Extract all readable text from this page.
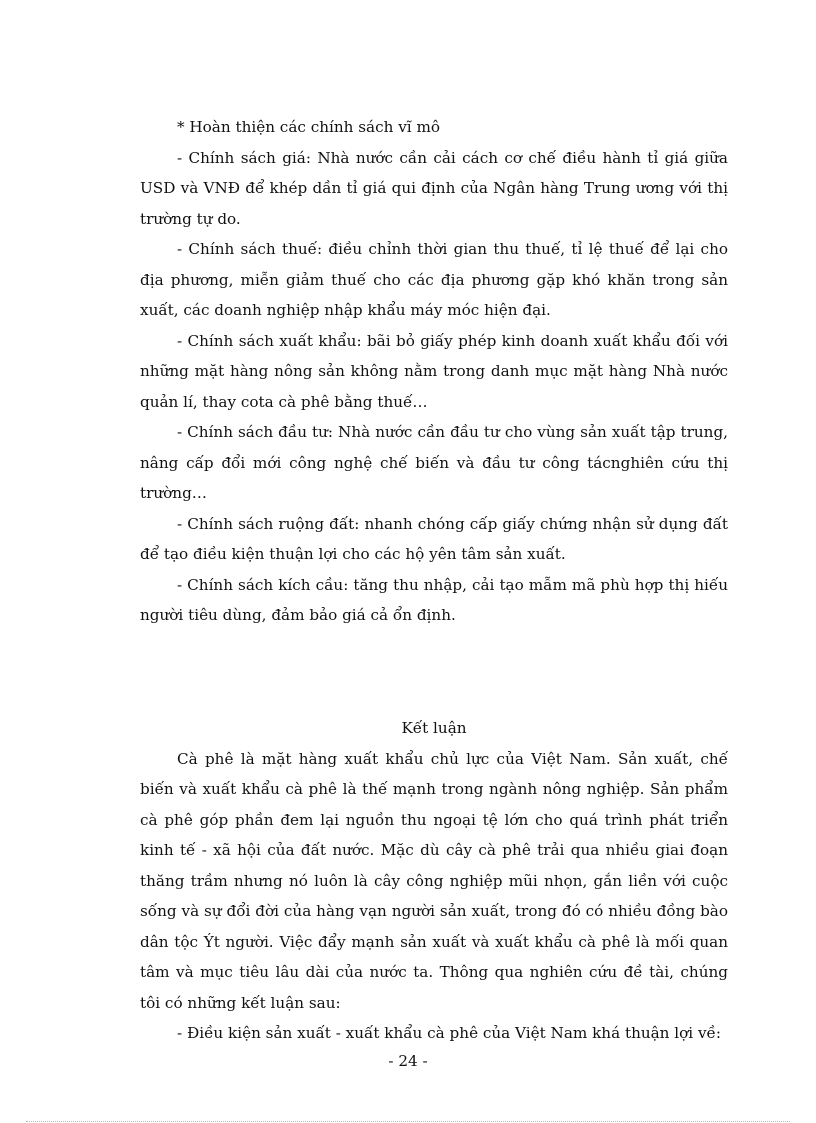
* Hoàn thiện các chính sách vĩ mô

- Chính sách giá: Nhà nước cần cải cách cơ chế điều hành tỉ giá giữa USD và VNĐ để khép dần tỉ giá qui định của Ngân hàng Trung ương với thị trường tự do.

- Chính sách thuế: điều chỉnh thời gian thu thuế, tỉ lệ thuế để lại cho địa phương, miễn giảm thuế cho các địa phương gặp khó khăn trong sản xuất, các doanh nghiệp nhập khẩu máy móc hiện đại.

- Chính sách xuất khẩu: bãi bỏ giấy phép kinh doanh xuất khẩu đối với những mặt hàng nông sản không nằm trong danh mục mặt hàng Nhà nước quản lí, thay cota cà phê bằng thuế…

- Chính sách đầu tư: Nhà nước cần đầu tư cho vùng sản xuất tập trung, nâng cấp đổi mới công nghệ chế biến và đầu tư công tácnghiên cứu thị trường…

- Chính sách ruộng đất: nhanh chóng cấp giấy chứng nhận sử dụng đất để tạo điều kiện thuận lợi cho các hộ yên tâm sản xuất.

- Chính sách kích cầu: tăng thu nhập, cải tạo mẫm mã phù hợp thị hiếu người tiêu dùng, đảm bảo giá cả ổn định.

Kết luận

Cà phê là mặt hàng xuất khẩu chủ lực của Việt Nam. Sản xuất, chế biến và xuất khẩu cà phê là thế mạnh trong ngành nông nghiệp. Sản phẩm cà phê góp phần đem lại nguồn thu ngoại tệ lớn cho quá trình phát triển kinh tế - xã hội của đất nước. Mặc dù cây cà phê trải qua nhiều giai đoạn thăng trầm nhưng nó luôn là cây công nghiệp mũi nhọn, gắn liền với cuộc sống và sự đổi đời của hàng vạn người sản xuất, trong đó có nhiều đồng bào dân tộc Ýt người. Việc đẩy mạnh sản xuất và xuất khẩu cà phê là mối quan tâm và mục tiêu lâu dài của nước ta. Thông qua nghiên cứu đề tài, chúng tôi có những kết luận sau:

- Điều kiện sản xuất - xuất khẩu cà phê của Việt Nam khá thuận lợi về:

- 24 -
